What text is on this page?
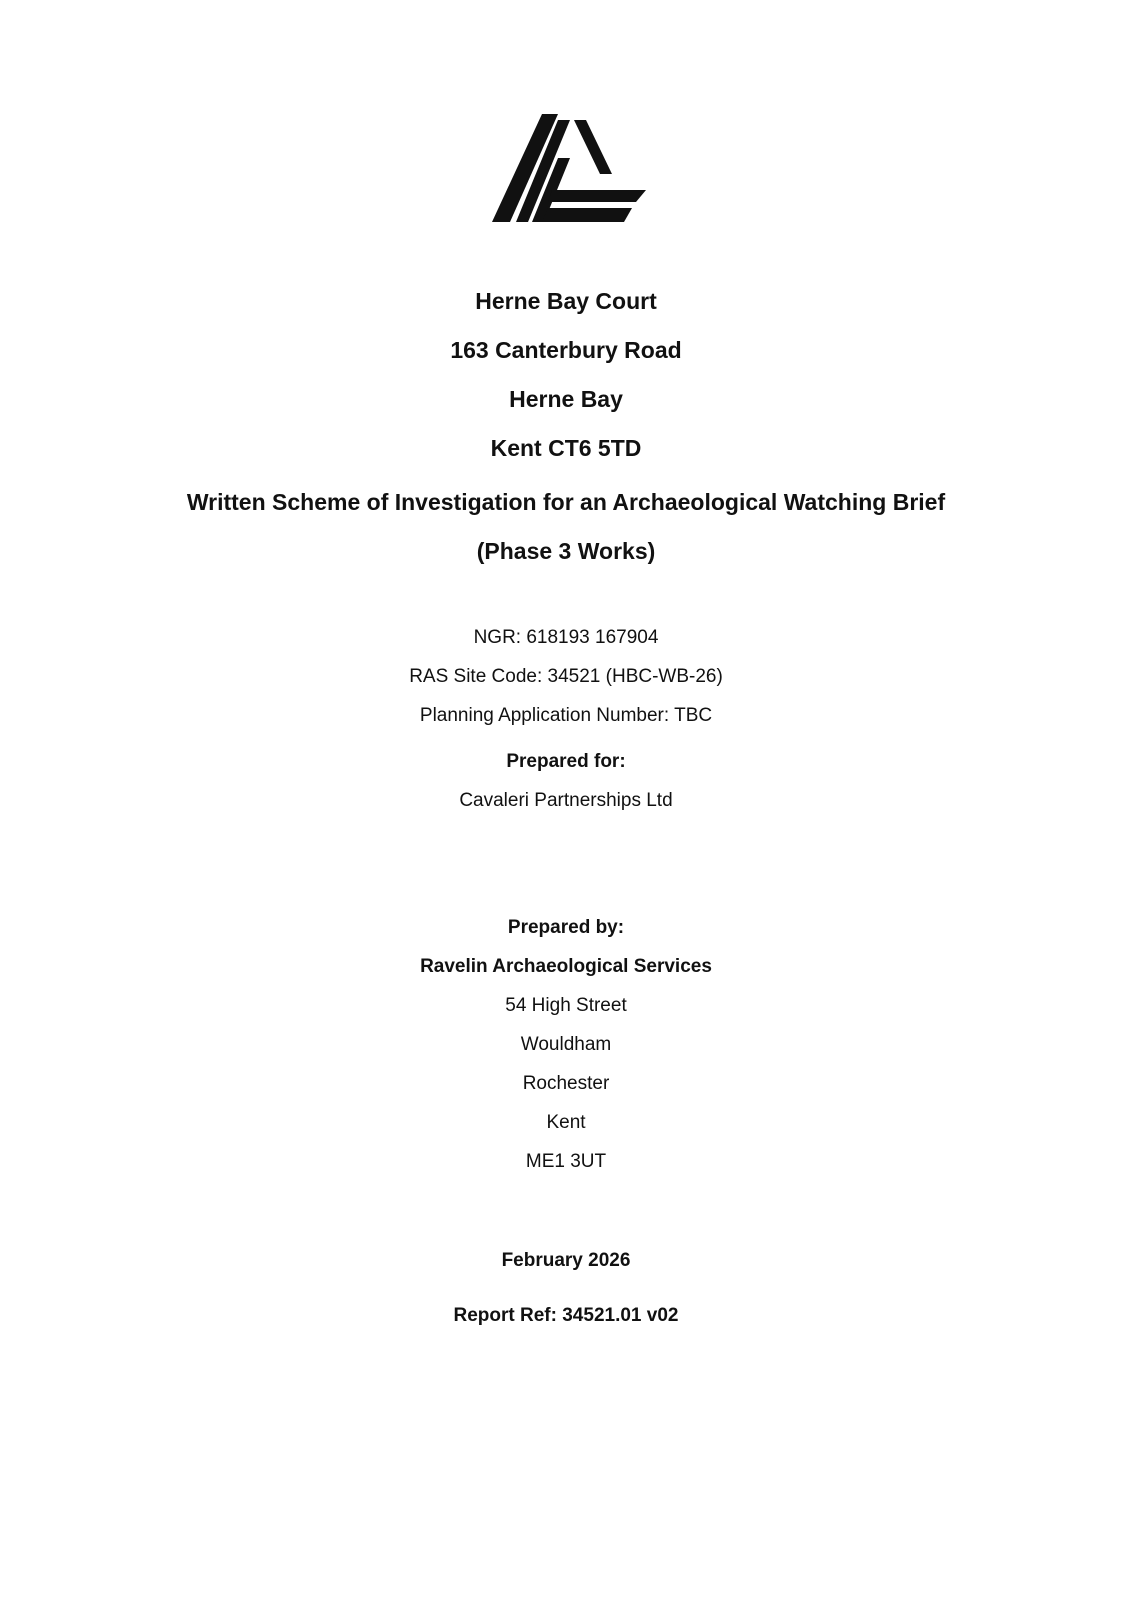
Herne Bay Court
163 Canterbury Road
Herne Bay
Kent CT6 5TD
Written Scheme of Investigation for an Archaeological Watching Brief
(Phase 3 Works)
NGR: 618193 167904
RAS Site Code: 34521 (HBC-WB-26)
Planning Application Number: TBC
Prepared for:
Cavaleri Partnerships Ltd
Prepared by:
Ravelin Archaeological Services
54 High Street
Wouldham
Rochester
Kent
ME1 3UT
February 2026
Report Ref: 34521.01 v02
